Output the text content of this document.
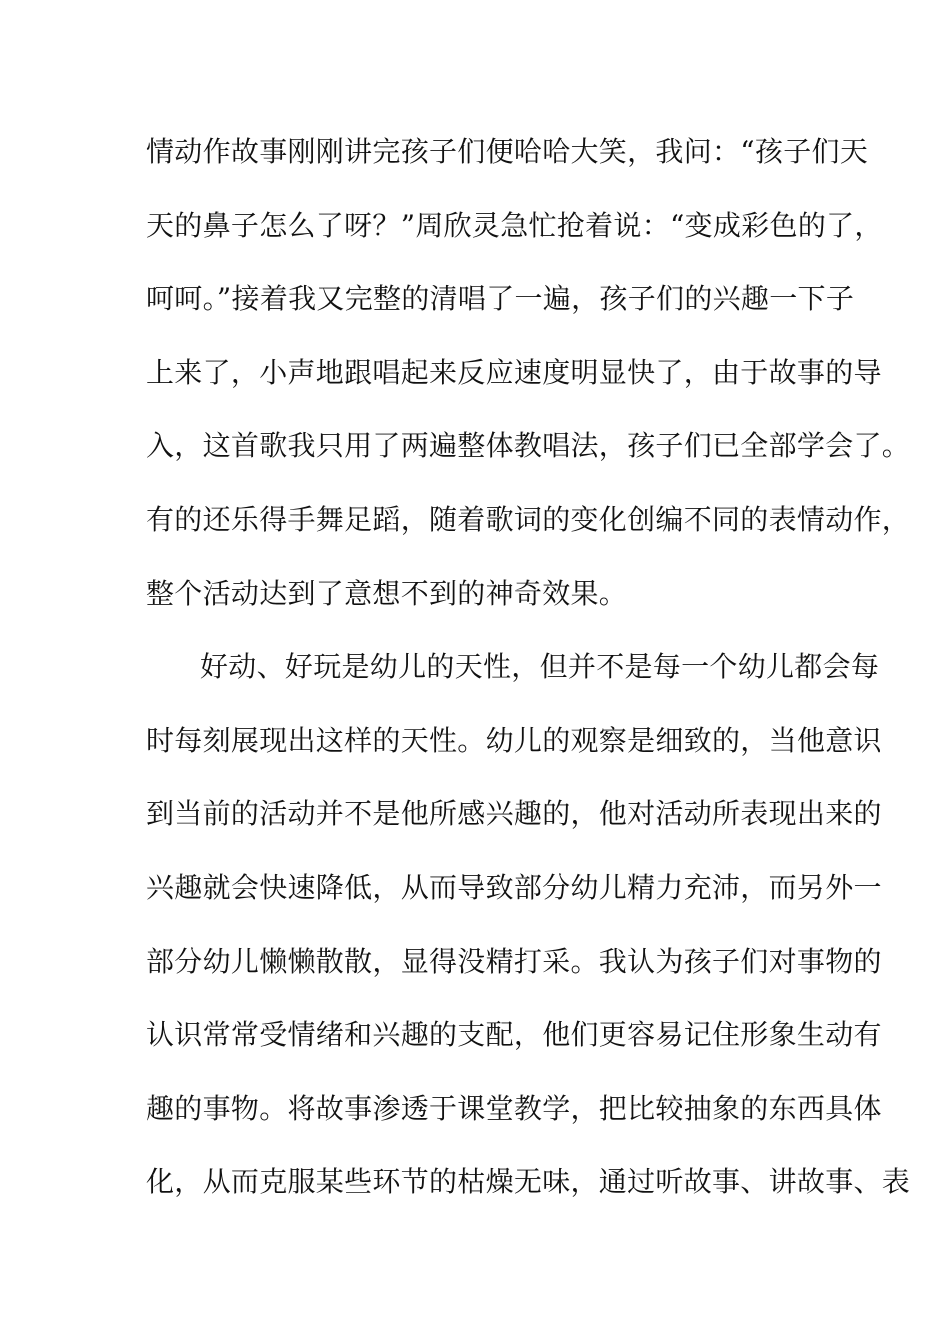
情动作故事刚刚讲完孩子们便哈哈大笑，我问：“孩子们天
天的鼻子怎么了呀？”周欣灵急忙抢着说：“变成彩色的了，
呵呵。”接着我又完整的清唱了一遍，孩子们的兴趣一下子
上来了，小声地跟唱起来反应速度明显快了，由于故事的导
入，这首歌我只用了两遍整体教唱法，孩子们已全部学会了。
有的还乐得手舞足蹈，随着歌词的变化创编不同的表情动作，
整个活动达到了意想不到的神奇效果。
好动、好玩是幼儿的天性，但并不是每一个幼儿都会每
时每刻展现出这样的天性。幼儿的观察是细致的，当他意识
到当前的活动并不是他所感兴趣的，他对活动所表现出来的
兴趣就会快速降低，从而导致部分幼儿精力充沛，而另外一
部分幼儿懒懒散散，显得没精打采。我认为孩子们对事物的
认识常常受情绪和兴趣的支配，他们更容易记住形象生动有
趣的事物。将故事渗透于课堂教学，把比较抽象的东西具体
化，从而克服某些环节的枯燥无味，通过听故事、讲故事、表
